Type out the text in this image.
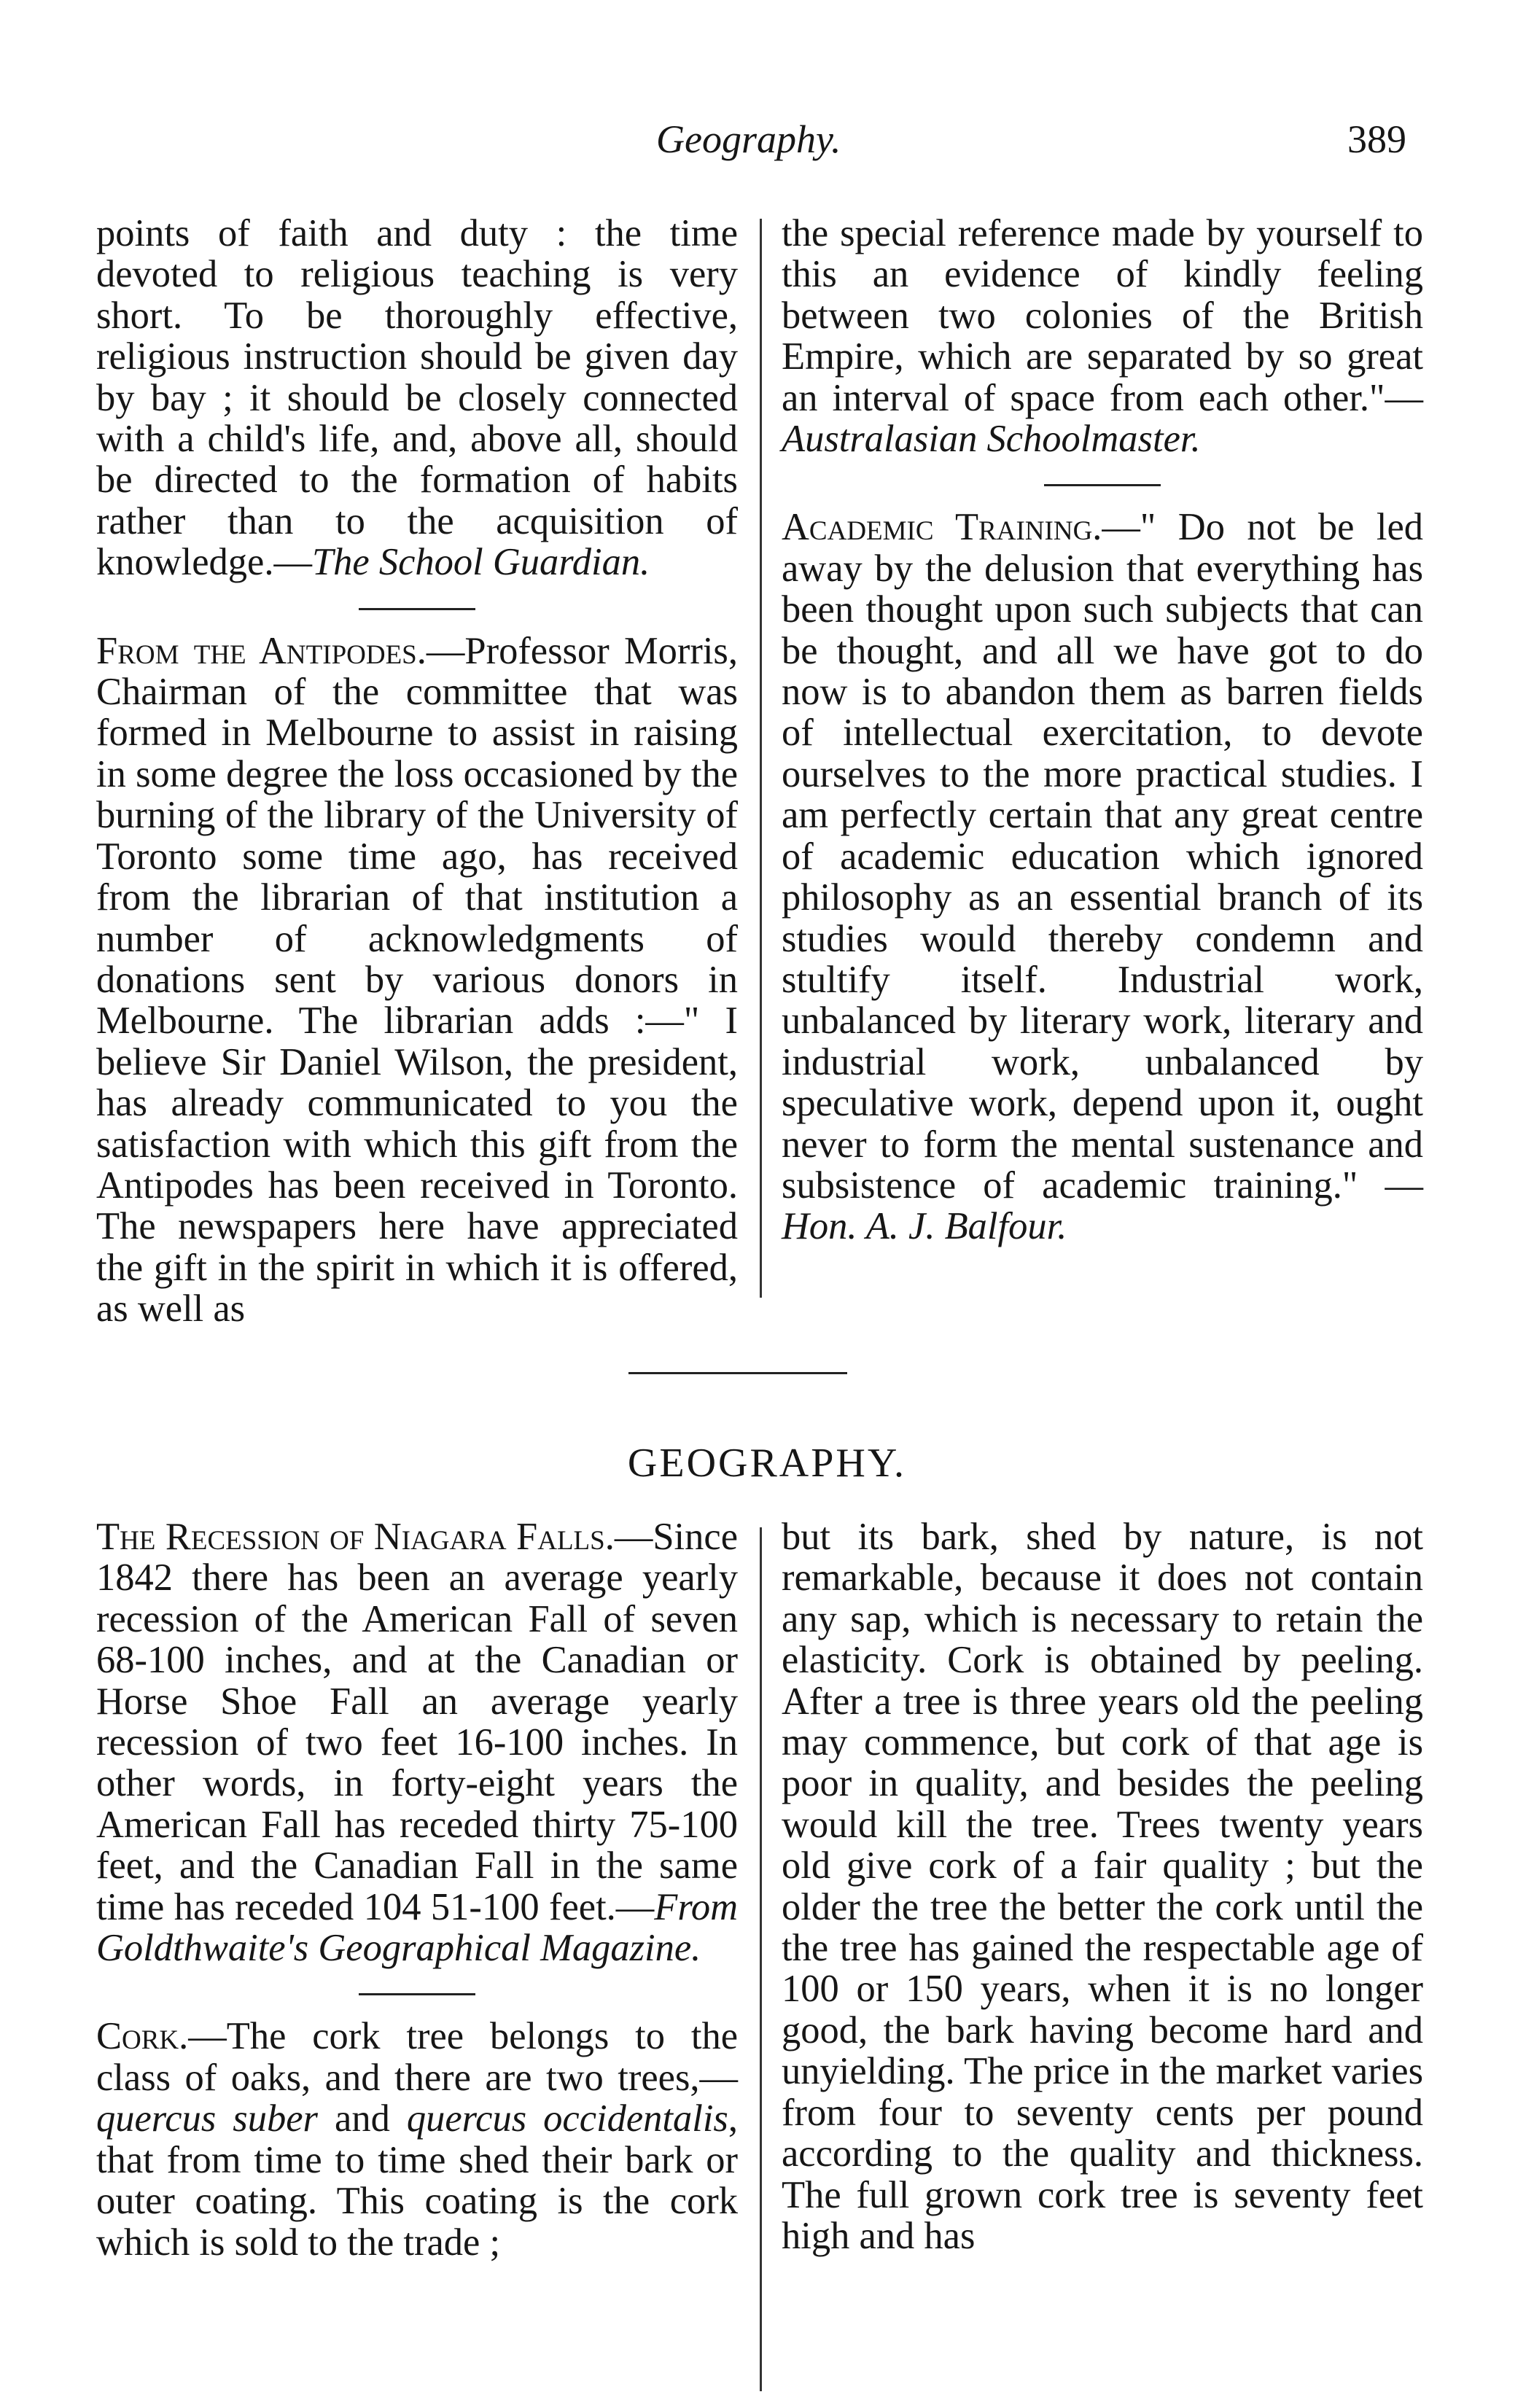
Geography.	389

points of faith and duty : the time devoted to religious teaching is very short. To be thoroughly effective, religious instruction should be given day by bay ; it should be closely connected with a child's life, and, above all, should be directed to the formation of habits rather than to the acquisition of knowledge.—The School Guardian.

From the Antipodes.—Professor Morris, Chairman of the committee that was formed in Melbourne to assist in raising in some degree the loss occasioned by the burning of the library of the University of Toronto some time ago, has received from the librarian of that institution a number of acknowledgments of donations sent by various donors in Melbourne. The librarian adds :—" I believe Sir Daniel Wilson, the president, has already communicated to you the satisfaction with which this gift from the Antipodes has been received in Toronto. The newspapers here have appreciated the gift in the spirit in which it is offered, as well as

the special reference made by yourself to this an evidence of kindly feeling between two colonies of the British Empire, which are separated by so great an interval of space from each other."—Australasian Schoolmaster.

Academic Training.—" Do not be led away by the delusion that everything has been thought upon such subjects that can be thought, and all we have got to do now is to abandon them as barren fields of intellectual exercitation, to devote ourselves to the more practical studies. I am perfectly certain that any great centre of academic education which ignored philosophy as an essential branch of its studies would thereby condemn and stultify itself. Industrial work, unbalanced by literary work, literary and industrial work, unbalanced by speculative work, depend upon it, ought never to form the mental sustenance and subsistence of academic training." — Hon. A. J. Balfour.

GEOGRAPHY.

The Recession of Niagara Falls.—Since 1842 there has been an average yearly recession of the American Fall of seven 68-100 inches, and at the Canadian or Horse Shoe Fall an average yearly recession of two feet 16-100 inches. In other words, in forty-eight years the American Fall has receded thirty 75-100 feet, and the Canadian Fall in the same time has receded 104 51-100 feet.—From Goldthwaite's Geographical Magazine.

Cork.—The cork tree belongs to the class of oaks, and there are two trees,—quercus suber and quercus occidentalis, that from time to time shed their bark or outer coating. This coating is the cork which is sold to the trade ;

but its bark, shed by nature, is not remarkable, because it does not contain any sap, which is necessary to retain the elasticity. Cork is obtained by peeling. After a tree is three years old the peeling may commence, but cork of that age is poor in quality, and besides the peeling would kill the tree. Trees twenty years old give cork of a fair quality ; but the older the tree the better the cork until the the tree has gained the respectable age of 100 or 150 years, when it is no longer good, the bark having become hard and unyielding. The price in the market varies from four to seventy cents per pound according to the quality and thickness. The full grown cork tree is seventy feet high and has
